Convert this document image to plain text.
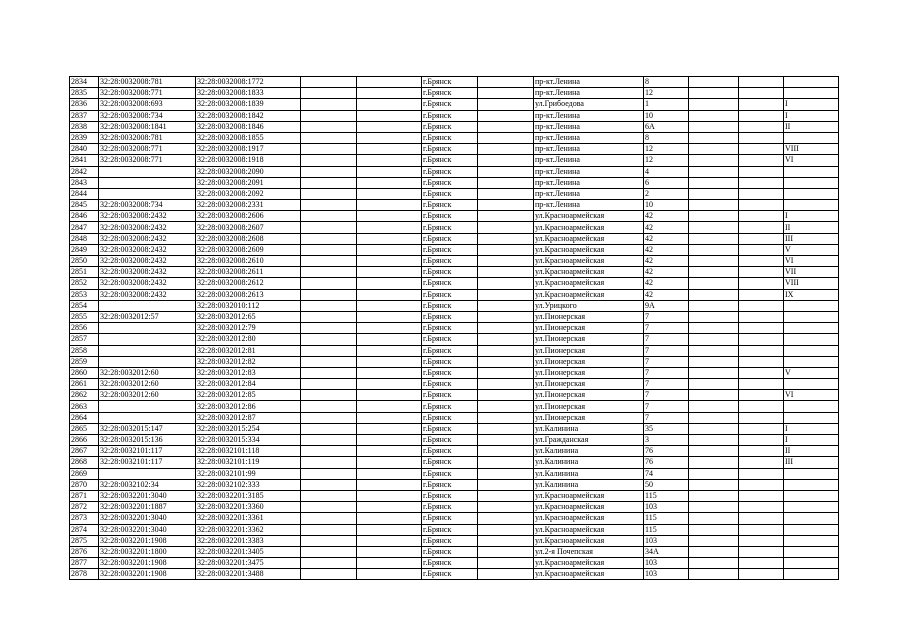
2834	32:28:0032008:781	32:28:0032008:1772			г.Брянск		пр-кт.Ленина	8			
2835	32:28:0032008:771	32:28:0032008:1833			г.Брянск		пр-кт.Ленина	12			
2836	32:28:0032008:693	32:28:0032008:1839			г.Брянск		ул.Грибоедова	1			I
2837	32:28:0032008:734	32:28:0032008:1842			г.Брянск		пр-кт.Ленина	10			I
2838	32:28:0032008:1841	32:28:0032008:1846			г.Брянск		пр-кт.Ленина	6А			II
2839	32:28:0032008:781	32:28:0032008:1855			г.Брянск		пр-кт.Ленина	8			
2840	32:28:0032008:771	32:28:0032008:1917			г.Брянск		пр-кт.Ленина	12			VIII
2841	32:28:0032008:771	32:28:0032008:1918			г.Брянск		пр-кт.Ленина	12			VI
2842		32:28:0032008:2090			г.Брянск		пр-кт.Ленина	4			
2843		32:28:0032008:2091			г.Брянск		пр-кт.Ленина	6			
2844		32:28:0032008:2092			г.Брянск		пр-кт.Ленина	2			
2845	32:28:0032008:734	32:28:0032008:2331			г.Брянск		пр-кт.Ленина	10			
2846	32:28:0032008:2432	32:28:0032008:2606			г.Брянск		ул.Красноармейская	42			I
2847	32:28:0032008:2432	32:28:0032008:2607			г.Брянск		ул.Красноармейская	42			II
2848	32:28:0032008:2432	32:28:0032008:2608			г.Брянск		ул.Красноармейская	42			III
2849	32:28:0032008:2432	32:28:0032008:2609			г.Брянск		ул.Красноармейская	42			V
2850	32:28:0032008:2432	32:28:0032008:2610			г.Брянск		ул.Красноармейская	42			VI
2851	32:28:0032008:2432	32:28:0032008:2611			г.Брянск		ул.Красноармейская	42			VII
2852	32:28:0032008:2432	32:28:0032008:2612			г.Брянск		ул.Красноармейская	42			VIII
2853	32:28:0032008:2432	32:28:0032008:2613			г.Брянск		ул.Красноармейская	42			IX
2854		32:28:0032010:112			г.Брянск		ул.Урицкого	9А			
2855	32:28:0032012:57	32:28:0032012:65			г.Брянск		ул.Пионерская	7			
2856		32:28:0032012:79			г.Брянск		ул.Пионерская	7			
2857		32:28:0032012:80			г.Брянск		ул.Пионерская	7			
2858		32:28:0032012:81			г.Брянск		ул.Пионерская	7			
2859		32:28:0032012:82			г.Брянск		ул.Пионерская	7			
2860	32:28:0032012:60	32:28:0032012:83			г.Брянск		ул.Пионерская	7			V
2861	32:28:0032012:60	32:28:0032012:84			г.Брянск		ул.Пионерская	7			
2862	32:28:0032012:60	32:28:0032012:85			г.Брянск		ул.Пионерская	7			VI
2863		32:28:0032012:86			г.Брянск		ул.Пионерская	7			
2864		32:28:0032012:87			г.Брянск		ул.Пионерская	7			
2865	32:28:0032015:147	32:28:0032015:254			г.Брянск		ул.Калинина	35			I
2866	32:28:0032015:136	32:28:0032015:334			г.Брянск		ул.Гражданская	3			I
2867	32:28:0032101:117	32:28:0032101:118			г.Брянск		ул.Калинина	76			II
2868	32:28:0032101:117	32:28:0032101:119			г.Брянск		ул.Калинина	76			III
2869		32:28:0032101:99			г.Брянск		ул.Калинина	74			
2870	32:28:0032102:34	32:28:0032102:333			г.Брянск		ул.Калинина	50			
2871	32:28:0032201:3040	32:28:0032201:3185			г.Брянск		ул.Красноармейская	115			
2872	32:28:0032201:1887	32:28:0032201:3360			г.Брянск		ул.Красноармейская	103			
2873	32:28:0032201:3040	32:28:0032201:3361			г.Брянск		ул.Красноармейская	115			
2874	32:28:0032201:3040	32:28:0032201:3362			г.Брянск		ул.Красноармейская	115			
2875	32:28:0032201:1908	32:28:0032201:3383			г.Брянск		ул.Красноармейская	103			
2876	32:28:0032201:1800	32:28:0032201:3405			г.Брянск		ул.2-я Почепская	34А			
2877	32:28:0032201:1908	32:28:0032201:3475			г.Брянск		ул.Красноармейская	103			
2878	32:28:0032201:1908	32:28:0032201:3488			г.Брянск		ул.Красноармейская	103			
